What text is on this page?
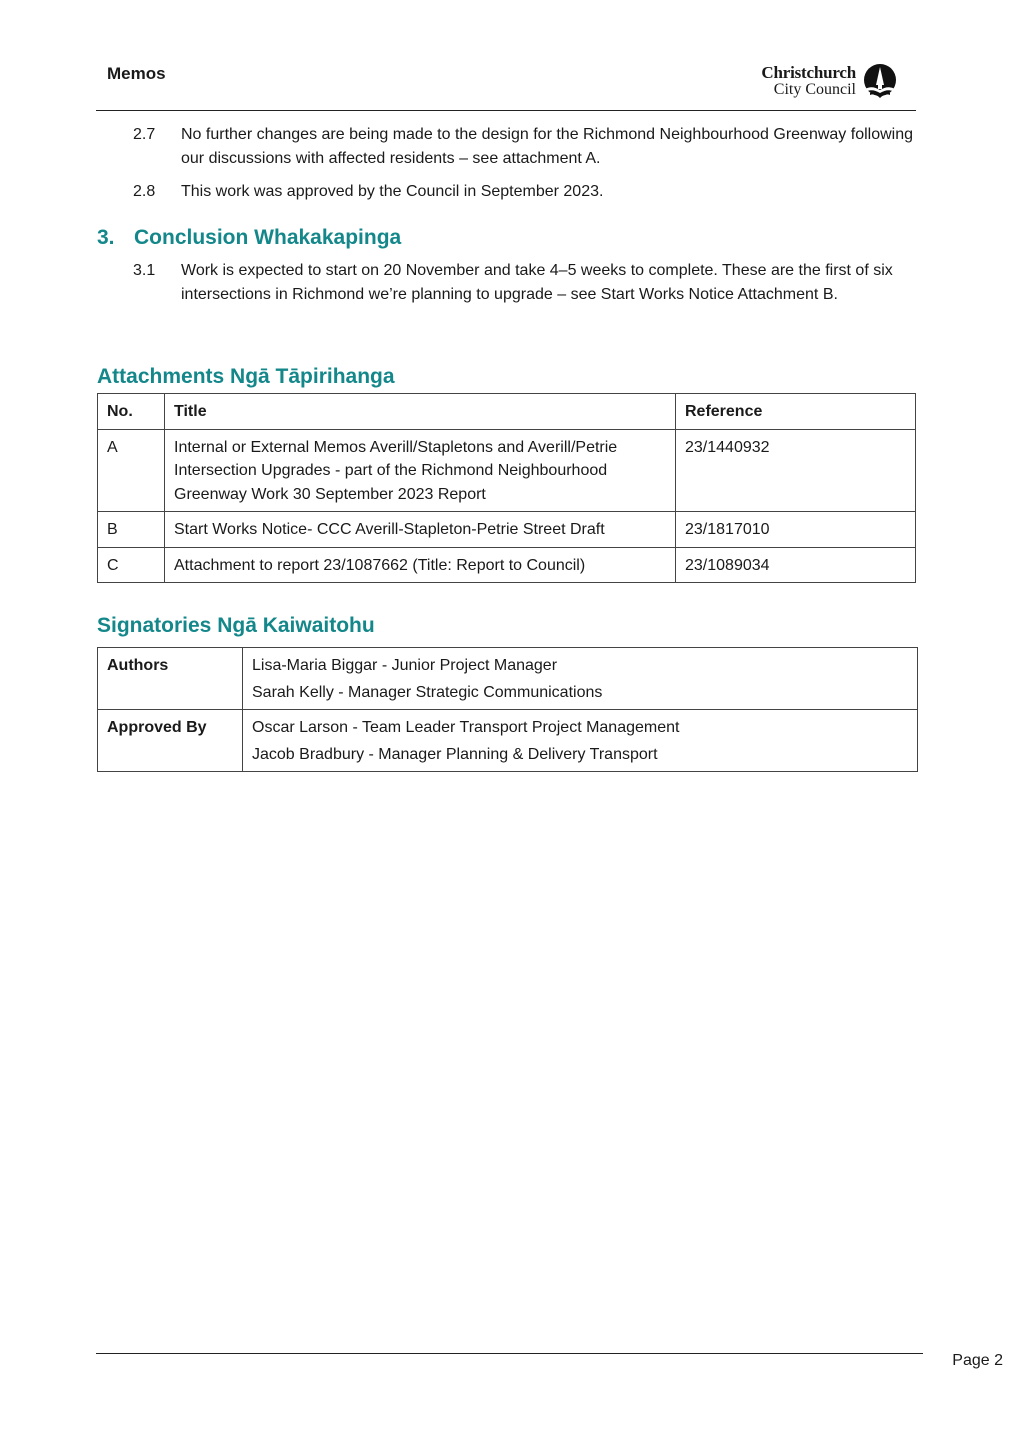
Memos	Christchurch
City Council
2.7	No further changes are being made to the design for the Richmond Neighbourhood Greenway following our discussions with affected residents – see attachment A.
2.8	This work was approved by the Council in September 2023.
3. Conclusion Whakakapinga
3.1	Work is expected to start on 20 November and take 4–5 weeks to complete. These are the first of six intersections in Richmond we’re planning to upgrade – see Start Works Notice Attachment B.
Attachments Ngā Tāpirihanga
No.	Title	Reference
A	Internal or External Memos Averill/Stapletons and Averill/Petrie Intersection Upgrades - part of the Richmond Neighbourhood Greenway Work 30 September 2023 Report	23/1440932
B	Start Works Notice- CCC Averill-Stapleton-Petrie Street Draft	23/1817010
C	Attachment to report 23/1087662 (Title: Report to Council)	23/1089034
Signatories Ngā Kaiwaitohu
Authors	Lisa-Maria Biggar - Junior Project Manager
Sarah Kelly - Manager Strategic Communications

Approved By	Oscar Larson - Team Leader Transport Project Management
Jacob Bradbury - Manager Planning & Delivery Transport
Page 2
